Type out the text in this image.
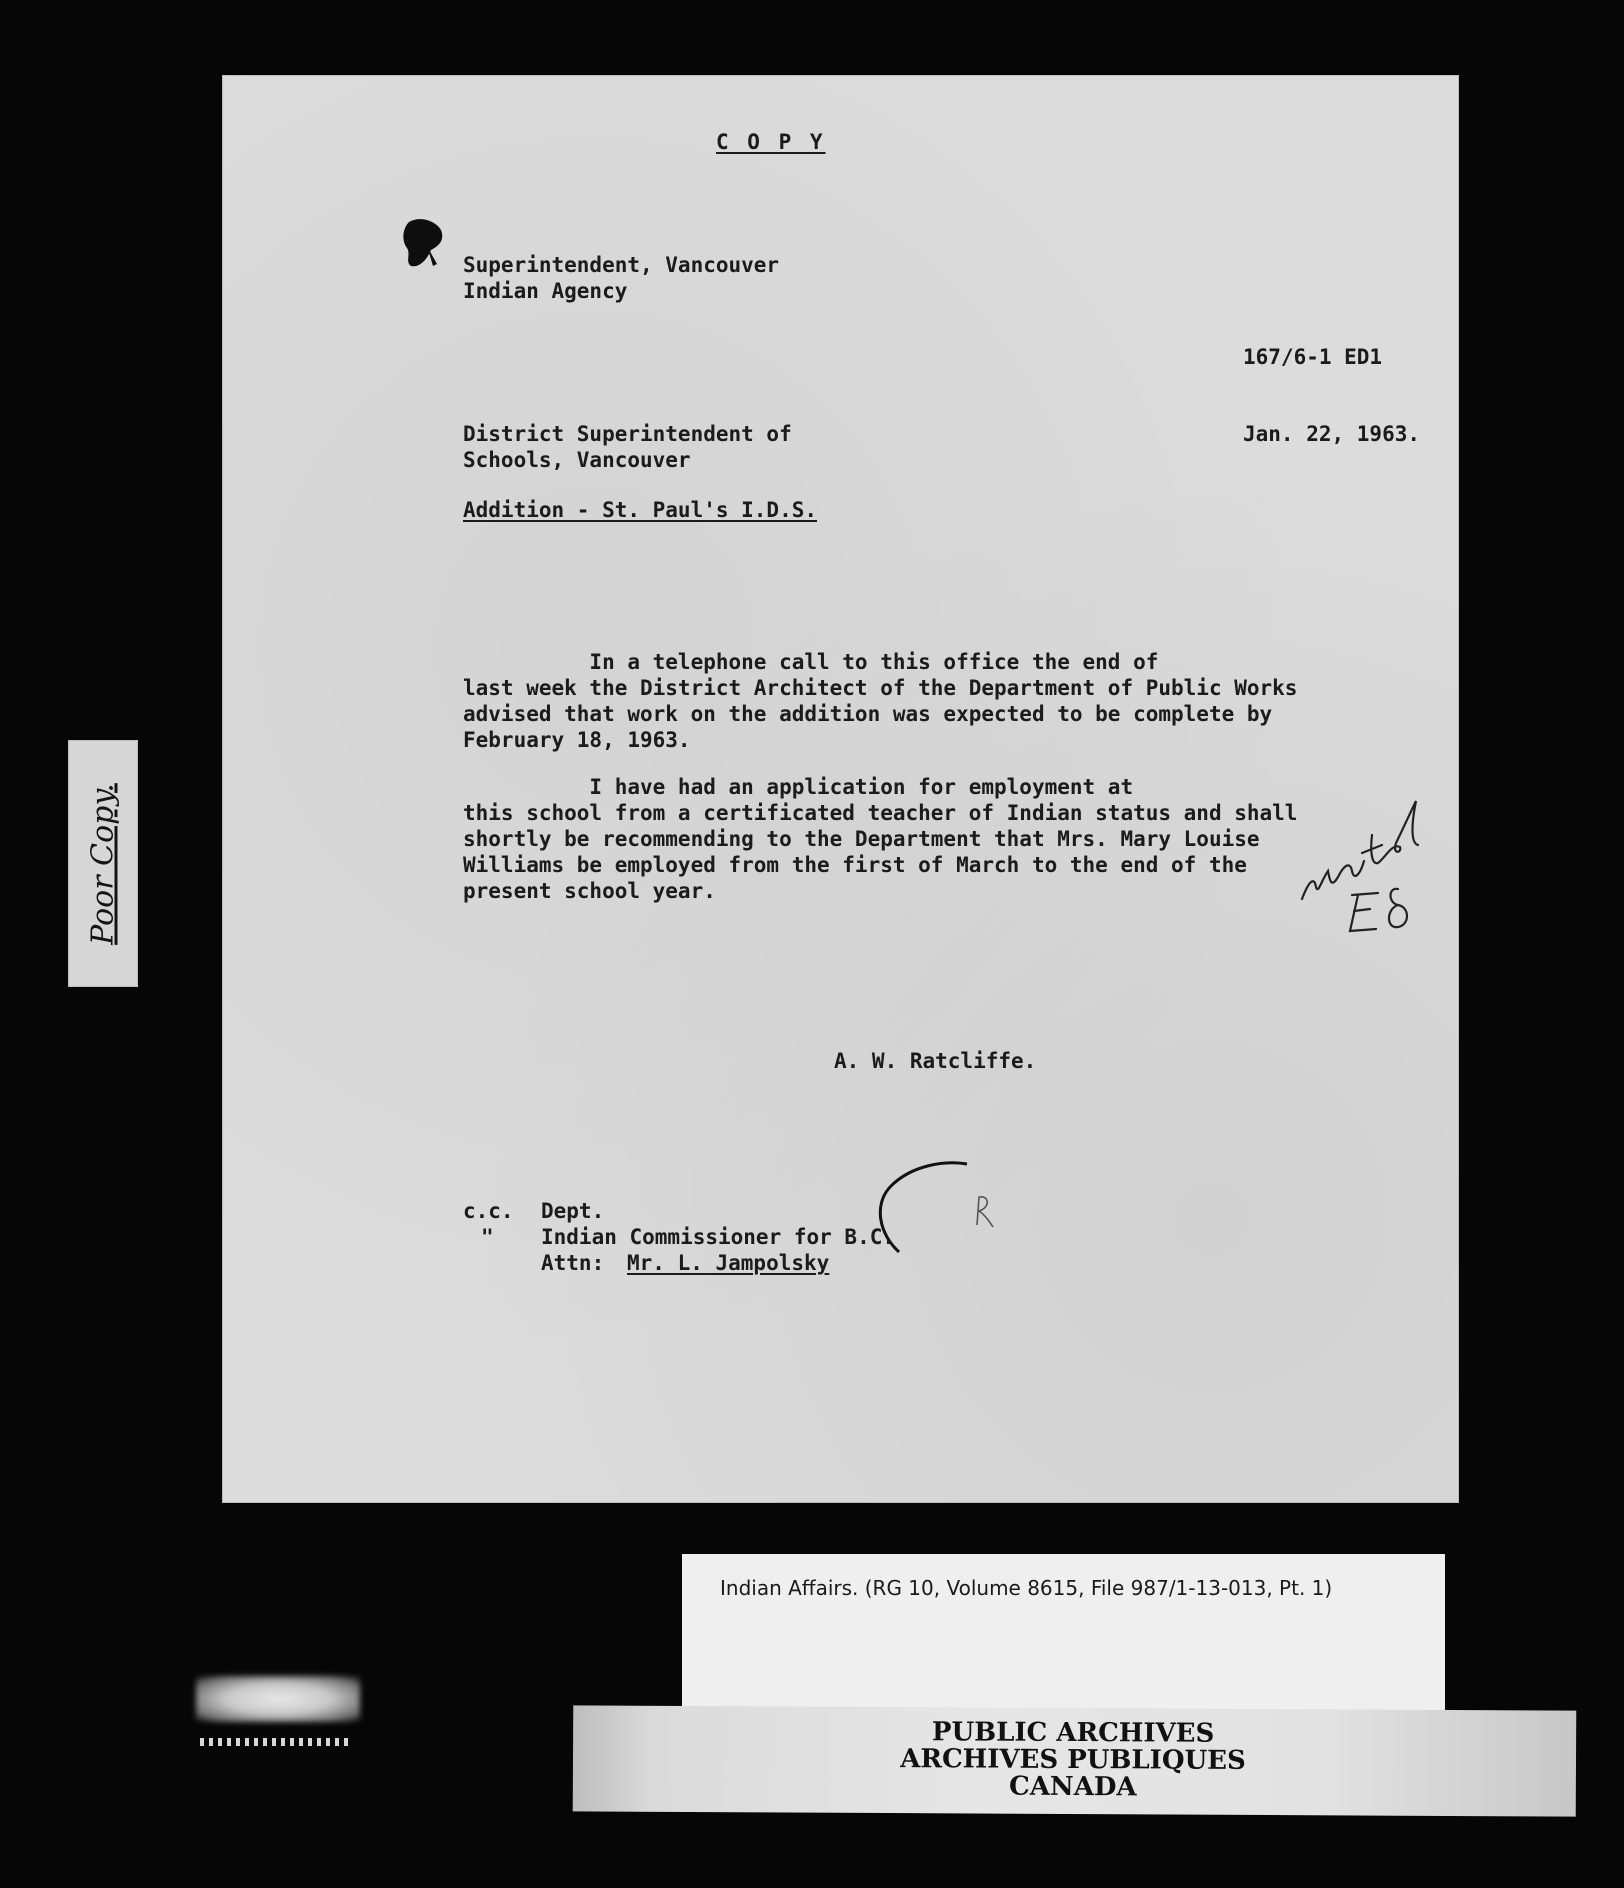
Poor Copy.
C O P Y
Superintendent, Vancouver
Indian Agency
167/6-1 ED1
District Superintendent of
Schools, Vancouver
Jan. 22, 1963.
Addition - St. Paul's I.D.S.
In a telephone call to this office the end of
last week the District Architect of the Department of Public Works
advised that work on the addition was expected to be complete by
February 18, 1963.
I have had an application for employment at
this school from a certificated teacher of Indian status and shall
shortly be recommending to the Department that Mrs. Mary Louise
Williams be employed from the first of March to the end of the
present school year.
A. W. Ratcliffe.
c.c. Dept.
" Indian Commissioner for B.C.
Attn: Mr. L. Jampolsky
Indian Affairs. (RG 10, Volume 8615, File 987/1-13-013, Pt. 1)
PUBLIC ARCHIVES
ARCHIVES PUBLIQUES
CANADA
